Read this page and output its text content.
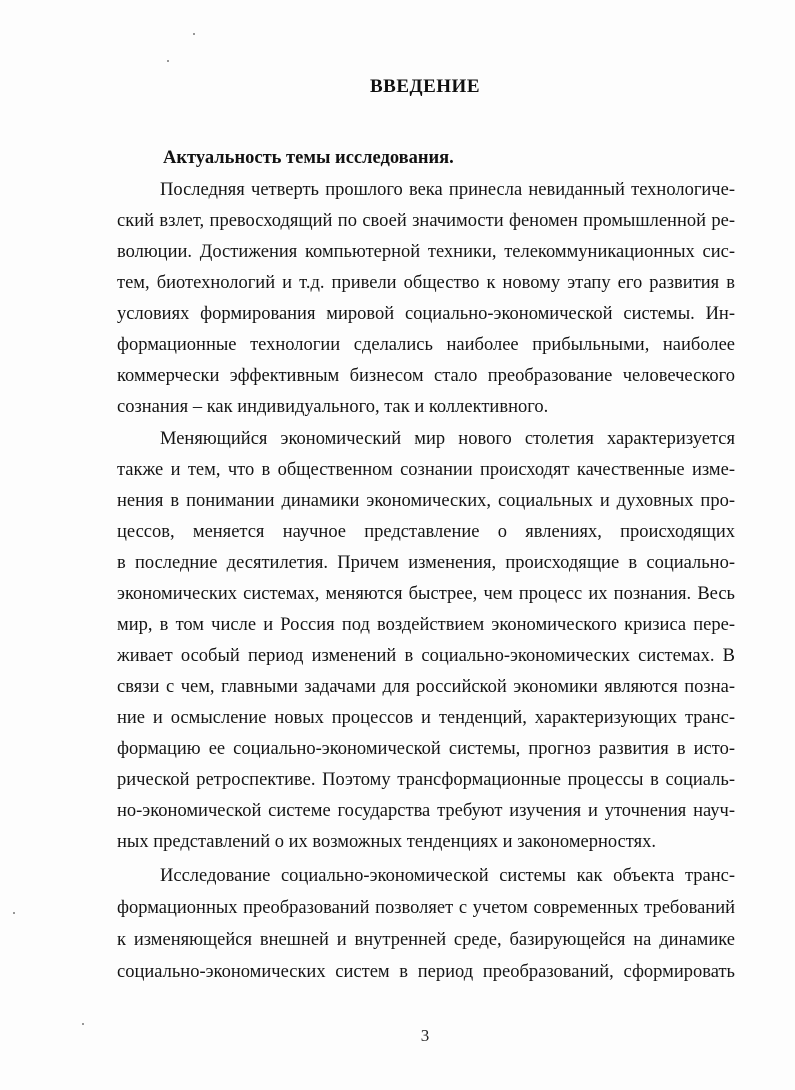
ВВЕДЕНИЕ
Актуальность темы исследования.
Последняя четверть прошлого века принесла невиданный технологиче-
ский взлет, превосходящий по своей значимости феномен промышленной ре-
волюции. Достижения компьютерной техники, телекоммуникационных сис-
тем, биотехнологий и т.д. привели общество к новому этапу его развития в
условиях формирования мировой социально-экономической системы. Ин-
формационные технологии сделались наиболее прибыльными, наиболее
коммерчески эффективным бизнесом стало преобразование человеческого
сознания – как индивидуального, так и коллективного.
Меняющийся экономический мир нового столетия характеризуется
также и тем, что в общественном сознании происходят качественные изме-
нения в понимании динамики экономических, социальных и духовных про-
цессов, меняется научное представление о явлениях, происходящих
в последние десятилетия. Причем изменения, происходящие в социально-
экономических системах, меняются быстрее, чем процесс их познания. Весь
мир, в том числе и Россия под воздействием экономического кризиса пере-
живает особый период изменений в социально-экономических системах. В
связи с чем, главными задачами для российской экономики являются позна-
ние и осмысление новых процессов и тенденций, характеризующих транс-
формацию ее социально-экономической системы, прогноз развития в исто-
рической ретроспективе. Поэтому трансформационные процессы в социаль-
но-экономической системе государства требуют изучения и уточнения науч-
ных представлений о их возможных тенденциях и закономерностях.
Исследование социально-экономической системы как объекта транс-
формационных преобразований позволяет с учетом современных требований
к изменяющейся внешней и внутренней среде, базирующейся на динамике
социально-экономических систем в период преобразований, сформировать
3
